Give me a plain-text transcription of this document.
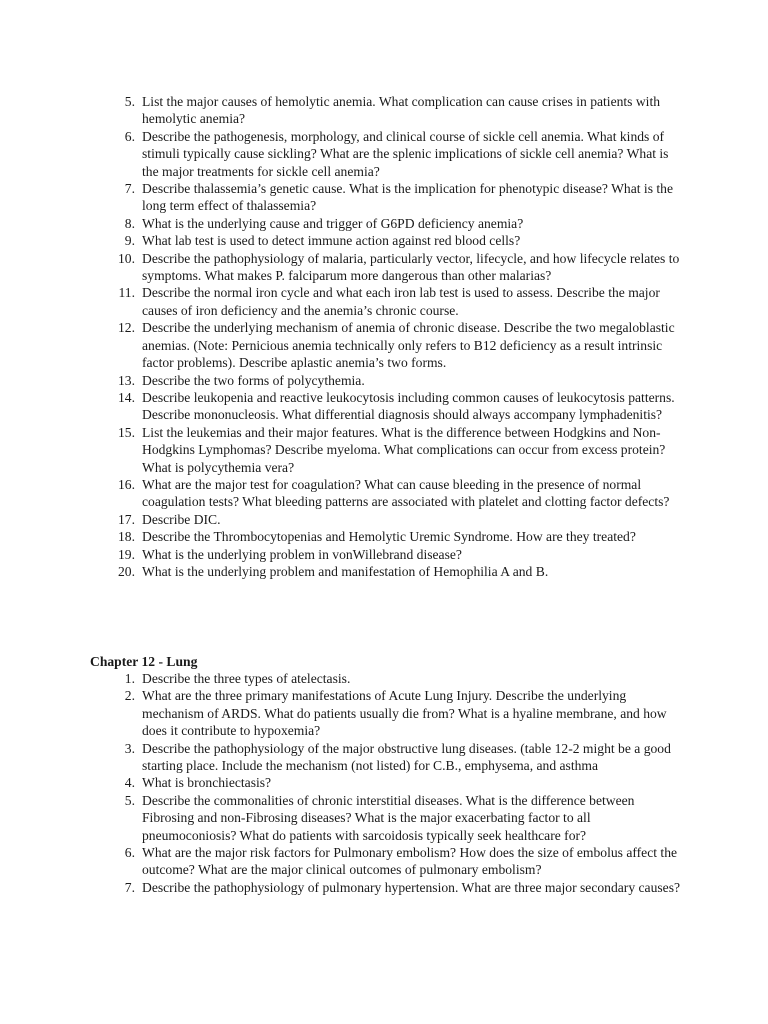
5. List the major causes of hemolytic anemia. What complication can cause crises in patients with hemolytic anemia?
6. Describe the pathogenesis, morphology, and clinical course of sickle cell anemia. What kinds of stimuli typically cause sickling? What are the splenic implications of sickle cell anemia? What is the major treatments for sickle cell anemia?
7. Describe thalassemia’s genetic cause. What is the implication for phenotypic disease? What is the long term effect of thalassemia?
8. What is the underlying cause and trigger of G6PD deficiency anemia?
9. What lab test is used to detect immune action against red blood cells?
10. Describe the pathophysiology of malaria, particularly vector, lifecycle, and how lifecycle relates to symptoms. What makes P. falciparum more dangerous than other malarias?
11. Describe the normal iron cycle and what each iron lab test is used to assess. Describe the major causes of iron deficiency and the anemia’s chronic course.
12. Describe the underlying mechanism of anemia of chronic disease. Describe the two megaloblastic anemias. (Note: Pernicious anemia technically only refers to B12 deficiency as a result intrinsic factor problems). Describe aplastic anemia’s two forms.
13. Describe the two forms of polycythemia.
14. Describe leukopenia and reactive leukocytosis including common causes of leukocytosis patterns. Describe mononucleosis. What differential diagnosis should always accompany lymphadenitis?
15. List the leukemias and their major features. What is the difference between Hodgkins and Non-Hodgkins Lymphomas? Describe myeloma. What complications can occur from excess protein? What is polycythemia vera?
16. What are the major test for coagulation? What can cause bleeding in the presence of normal coagulation tests? What bleeding patterns are associated with platelet and clotting factor defects?
17. Describe DIC.
18. Describe the Thrombocytopenias and Hemolytic Uremic Syndrome. How are they treated?
19. What is the underlying problem in vonWillebrand disease?
20. What is the underlying problem and manifestation of Hemophilia A and B.
Chapter 12 - Lung
1. Describe the three types of atelectasis.
2. What are the three primary manifestations of Acute Lung Injury. Describe the underlying mechanism of ARDS. What do patients usually die from? What is a hyaline membrane, and how does it contribute to hypoxemia?
3. Describe the pathophysiology of the major obstructive lung diseases. (table 12-2 might be a good starting place. Include the mechanism (not listed) for C.B., emphysema, and asthma
4. What is bronchiectasis?
5. Describe the commonalities of chronic interstitial diseases. What is the difference between Fibrosing and non-Fibrosing diseases? What is the major exacerbating factor to all pneumoconiosis? What do patients with sarcoidosis typically seek healthcare for?
6. What are the major risk factors for Pulmonary embolism? How does the size of embolus affect the outcome? What are the major clinical outcomes of pulmonary embolism?
7. Describe the pathophysiology of pulmonary hypertension. What are three major secondary causes?
